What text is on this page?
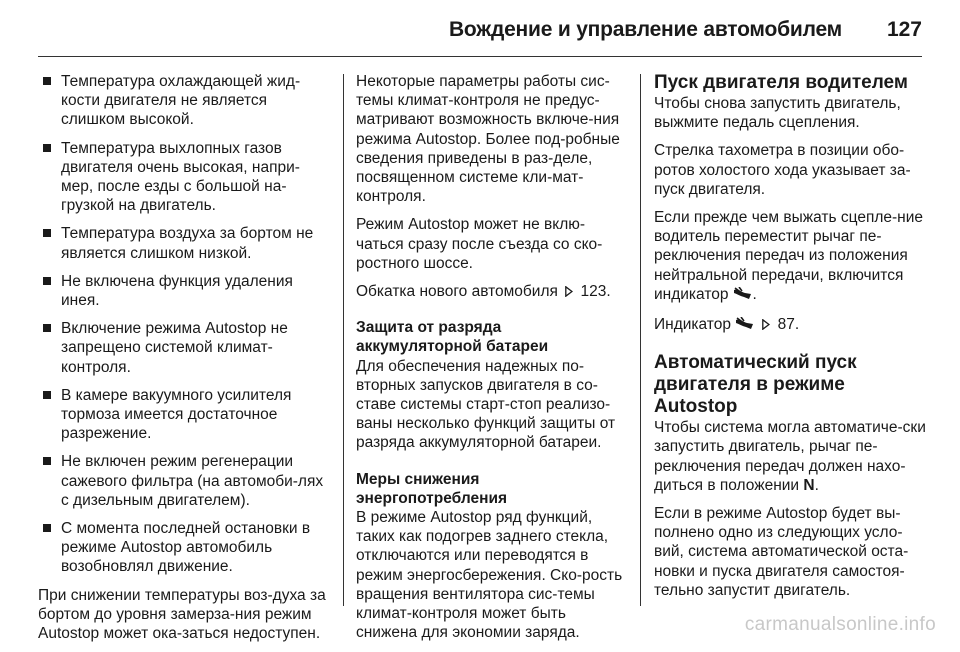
Вождение и управление автомобилем 127
Температура охлаждающей жид-кости двигателя не является слишком высокой.
Температура выхлопных газов двигателя очень высокая, напри-мер, после езды с большой на-грузкой на двигатель.
Температура воздуха за бортом не является слишком низкой.
Не включена функция удаления инея.
Включение режима Autostop не запрещено системой климат-контроля.
В камере вакуумного усилителя тормоза имеется достаточное разрежение.
Не включен режим регенерации сажевого фильтра (на автомоби-лях с дизельным двигателем).
С момента последней остановки в режиме Autostop автомобиль возобновлял движение.

При снижении температуры воз-духа за бортом до уровня замерза-ния режим Autostop может ока-заться недоступен.

Некоторые параметры работы сис-темы климат-контроля не предус-матривают возможность включе-ния режима Autostop. Более под-робные сведения приведены в раз-деле, посвященном системе кли-мат-контроля.

Режим Autostop может не вклю-чаться сразу после съезда со ско-ростного шоссе.

Обкатка нового автомобиля 123.

Защита от разряда
аккумуляторной батареи

Для обеспечения надежных по-вторных запусков двигателя в со-ставе системы старт-стоп реализо-ваны несколько функций защиты от разряда аккумуляторной батареи.

Меры снижения
энергопотребления

В режиме Autostop ряд функций, таких как подогрев заднего стекла, отключаются или переводятся в режим энергосбережения. Ско-рость вращения вентилятора сис-темы климат-контроля может быть снижена для экономии заряда.

Пуск двигателя водителем

Чтобы снова запустить двигатель, выжмите педаль сцепления.

Стрелка тахометра в позиции обо-ротов холостого хода указывает за-пуск двигателя.

Если прежде чем выжать сцепле-ние водитель переместит рычаг пе-реключения передач из положения нейтральной передачи, включится индикатор .

Индикатор	87.

Автоматический пуск
двигателя в режиме Autostop

Чтобы система могла автоматиче-ски запустить двигатель, рычаг пе-реключения передач должен нахо-диться в положении N.

Если в режиме Autostop будет вы-полнено одно из следующих усло-вий, система автоматической оста-новки и пуска двигателя самостоя-тельно запустит двигатель.

carmanualsonline.info
